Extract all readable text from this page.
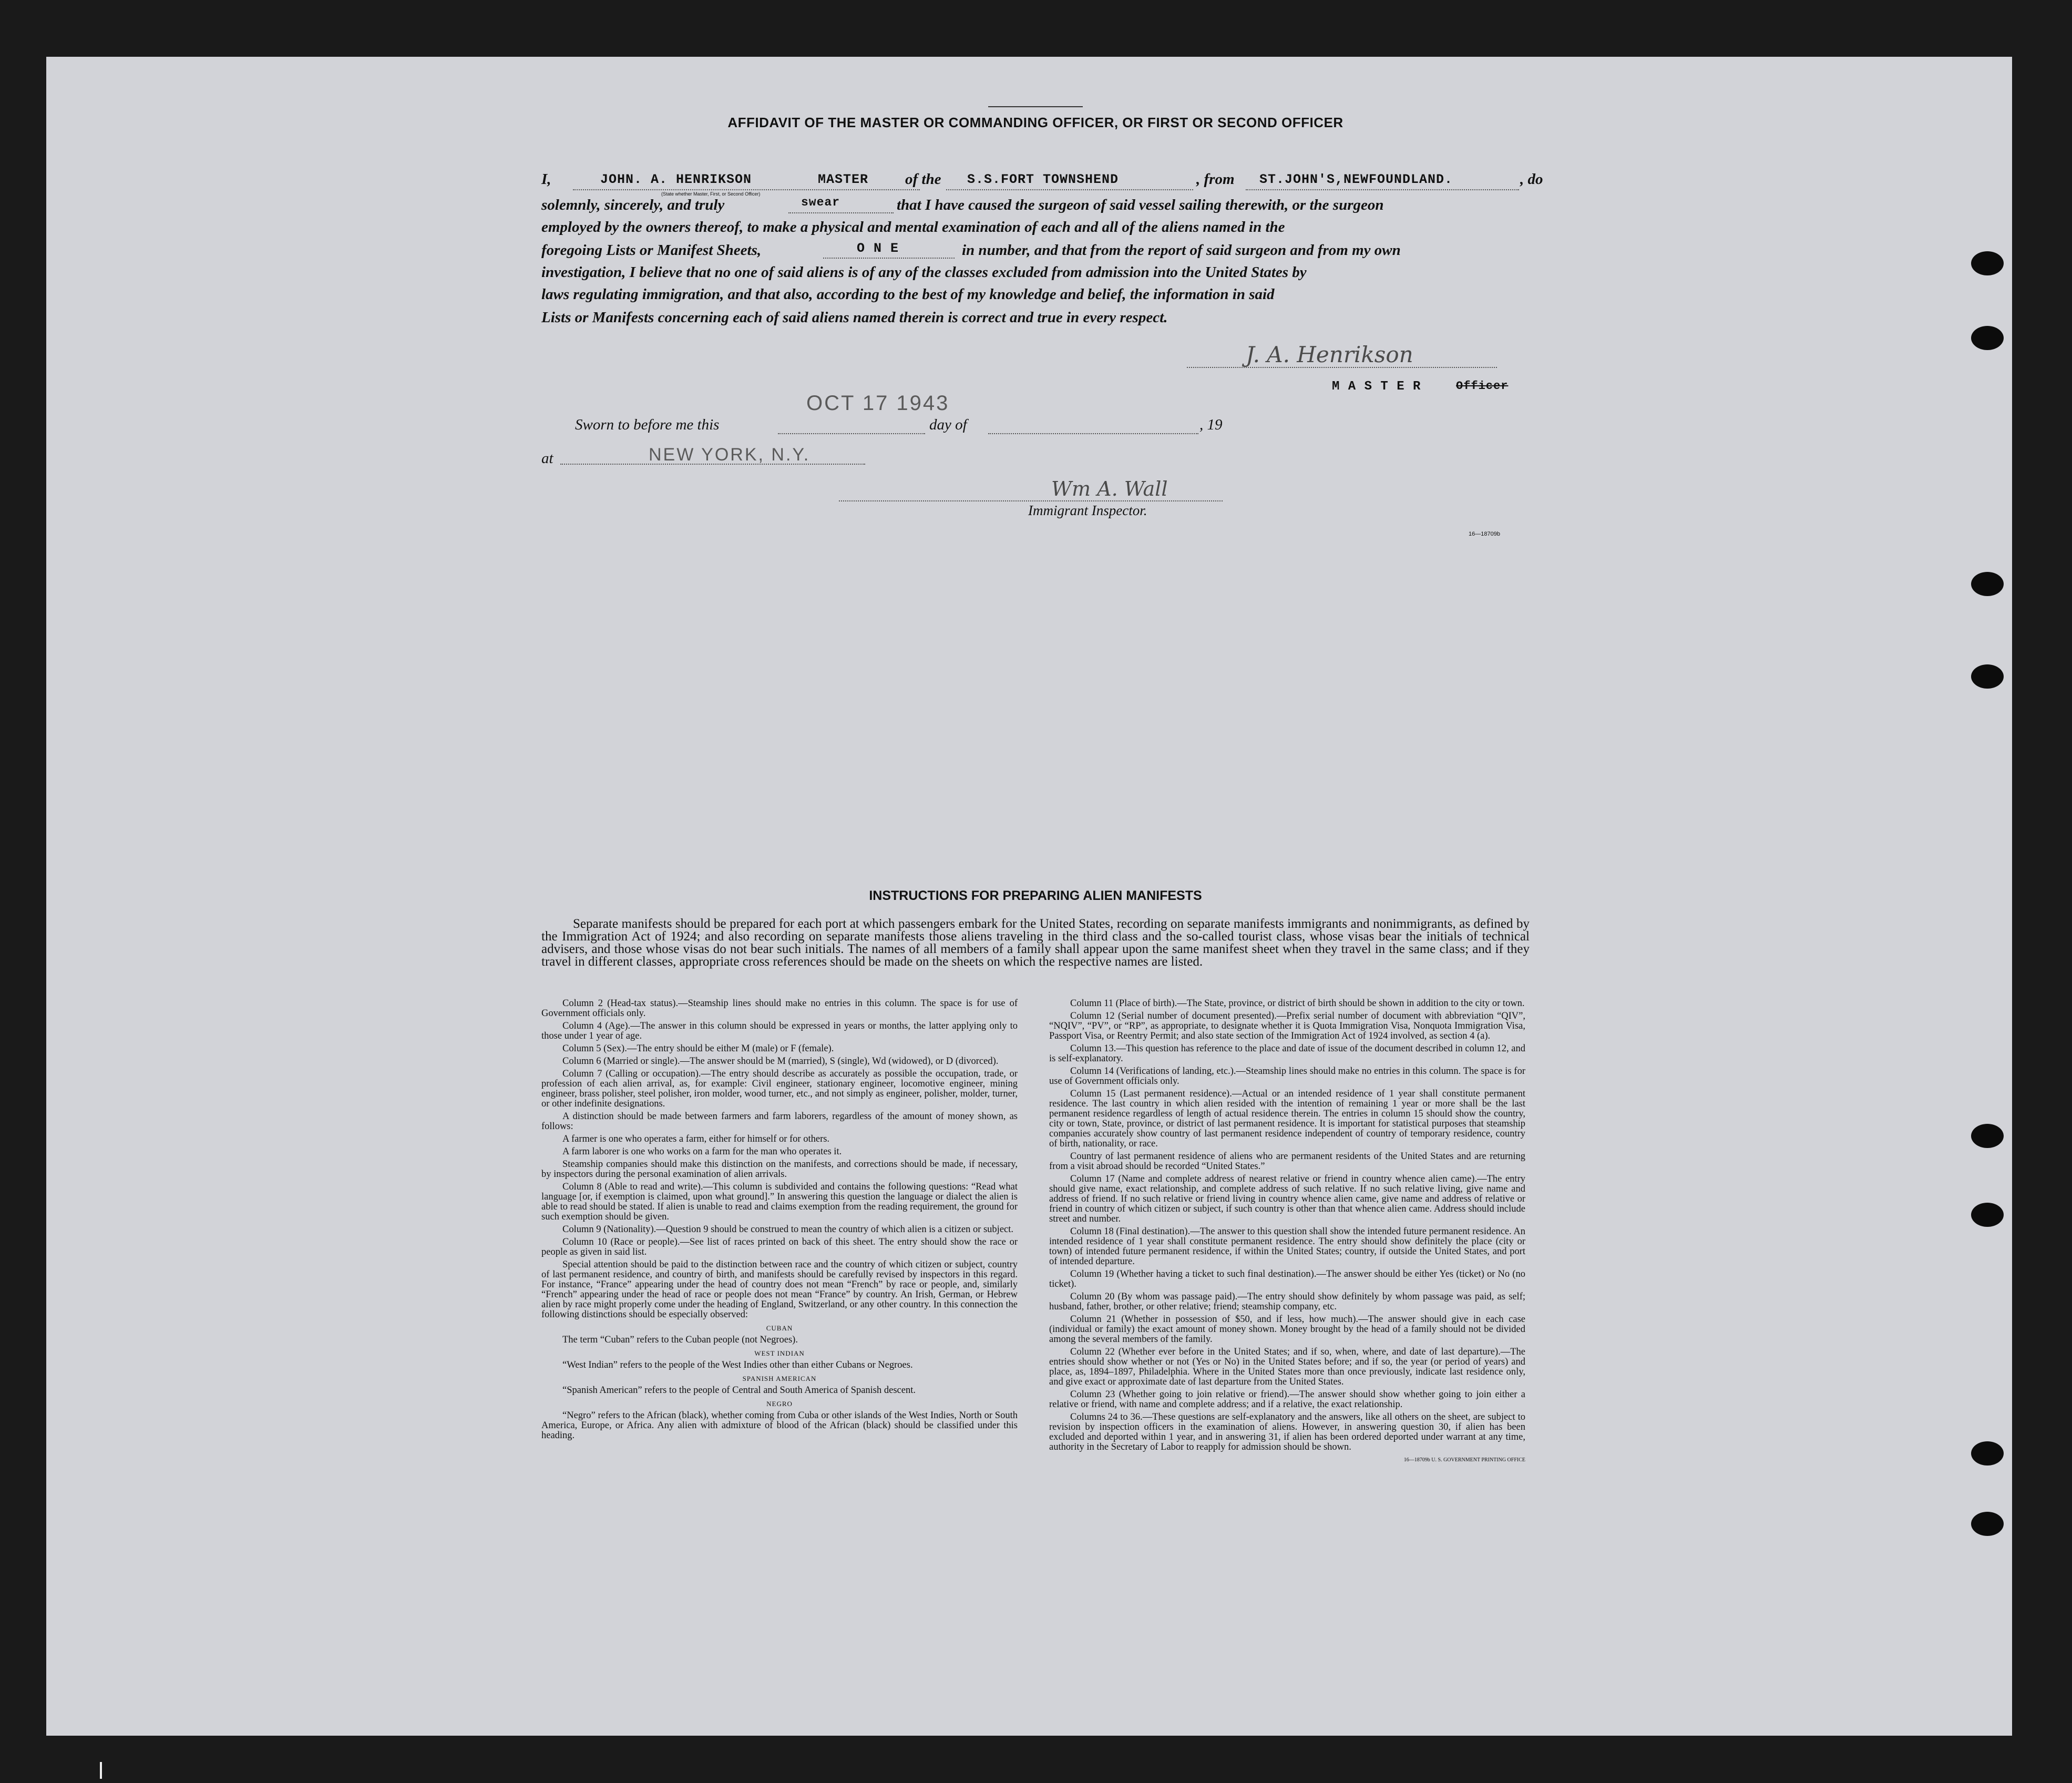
AFFIDAVIT OF THE MASTER OR COMMANDING OFFICER, OR FIRST OR SECOND OFFICER
I,	JOHN. A. HENRIKSON	MASTER
(State whether Master, First, or Second Officer)
of the S.S.FORT TOWNSHEND	, from ST.JOHN'S,NEWFOUNDLAND.	, do
solemnly, sincerely, and truly	swear	that I have caused the surgeon of said vessel sailing therewith, or the surgeon
employed by the owners thereof, to make a physical and mental examination of each and all of the aliens named in the
foregoing Lists or Manifest Sheets,	O N E	in number, and that from the report of said surgeon and from my own
investigation, I believe that no one of said aliens is of any of the classes excluded from admission into the United States by
laws regulating immigration, and that also, according to the best of my knowledge and belief, the information in said
Lists or Manifests concerning each of said aliens named therein is correct and true in every respect.
J. A. Henrikson
M A S T E R	Officer
Sworn to before me this
OCT 17 1943
day of	, 19
at	NEW YORK, N.Y.
Wm A. Wall
Immigrant Inspector.
16—18709b
INSTRUCTIONS FOR PREPARING ALIEN MANIFESTS
Separate manifests should be prepared for each port at which passengers embark for the United States, recording on separate manifests immigrants and nonimmigrants, as defined by the Immigration Act of 1924; and also recording on separate manifests those aliens traveling in the third class and the so-called tourist class, whose visas bear the initials of technical advisers, and those whose visas do not bear such initials. The names of all members of a family shall appear upon the same manifest sheet when they travel in the same class; and if they travel in different classes, appropriate cross references should be made on the sheets on which the respective names are listed.

Column 2 (Head-tax status).—Steamship lines should make no entries in this column. The space is for use of Government officials only.

Column 4 (Age).—The answer in this column should be expressed in years or months, the latter applying only to those under 1 year of age.

Column 5 (Sex).—The entry should be either M (male) or F (female).

Column 6 (Married or single).—The answer should be M (married), S (single), Wd (widowed), or D (divorced).

Column 7 (Calling or occupation).—The entry should describe as accurately as possible the occupation, trade, or profession of each alien arrival, as, for example: Civil engineer, stationary engineer, locomotive engineer, mining engineer, brass polisher, steel polisher, iron molder, wood turner, etc., and not simply as engineer, polisher, molder, turner, or other indefinite designations.

A distinction should be made between farmers and farm laborers, regardless of the amount of money shown, as follows:

A farmer is one who operates a farm, either for himself or for others.

A farm laborer is one who works on a farm for the man who operates it.

Steamship companies should make this distinction on the manifests, and corrections should be made, if necessary, by inspectors during the personal examination of alien arrivals.

Column 8 (Able to read and write).—This column is subdivided and contains the following questions: “Read what language [or, if exemption is claimed, upon what ground].” In answering this question the language or dialect the alien is able to read should be stated. If alien is unable to read and claims exemption from the reading requirement, the ground for such exemption should be given.

Column 9 (Nationality).—Question 9 should be construed to mean the country of which alien is a citizen or subject.

Column 10 (Race or people).—See list of races printed on back of this sheet. The entry should show the race or people as given in said list.

Special attention should be paid to the distinction between race and the country of which citizen or subject, country of last permanent residence, and country of birth, and manifests should be carefully revised by inspectors in this regard. For instance, “France” appearing under the head of country does not mean “French” by race or people, and, similarly “French” appearing under the head of race or people does not mean “France” by country. An Irish, German, or Hebrew alien by race might properly come under the heading of England, Switzerland, or any other country. In this connection the following distinctions should be especially observed:

CUBAN

The term “Cuban” refers to the Cuban people (not Negroes).

WEST INDIAN

“West Indian” refers to the people of the West Indies other than either Cubans or Negroes.

SPANISH AMERICAN

“Spanish American” refers to the people of Central and South America of Spanish descent.

NEGRO

“Negro” refers to the African (black), whether coming from Cuba or other islands of the West Indies, North or South America, Europe, or Africa. Any alien with admixture of blood of the African (black) should be classified under this heading.

Column 11 (Place of birth).—The State, province, or district of birth should be shown in addition to the city or town.

Column 12 (Serial number of document presented).—Prefix serial number of document with abbreviation “QIV”, “NQIV”, “PV”, or “RP”, as appropriate, to designate whether it is Quota Immigration Visa, Nonquota Immigration Visa, Passport Visa, or Reentry Permit; and also state section of the Immigration Act of 1924 involved, as section 4 (a).

Column 13.—This question has reference to the place and date of issue of the document described in column 12, and is self-explanatory.

Column 14 (Verifications of landing, etc.).—Steamship lines should make no entries in this column. The space is for use of Government officials only.

Column 15 (Last permanent residence).—Actual or an intended residence of 1 year shall constitute permanent residence. The last country in which alien resided with the intention of remaining 1 year or more shall be the last permanent residence regardless of length of actual residence therein. The entries in column 15 should show the country, city or town, State, province, or district of last permanent residence. It is important for statistical purposes that steamship companies accurately show country of last permanent residence independent of country of temporary residence, country of birth, nationality, or race.

Country of last permanent residence of aliens who are permanent residents of the United States and are returning from a visit abroad should be recorded “United States.”

Column 17 (Name and complete address of nearest relative or friend in country whence alien came).—The entry should give name, exact relationship, and complete address of such relative. If no such relative living, give name and address of friend. If no such relative or friend living in country whence alien came, give name and address of relative or friend in country of which citizen or subject, if such country is other than that whence alien came. Address should include street and number.

Column 18 (Final destination).—The answer to this question shall show the intended future permanent residence. An intended residence of 1 year shall constitute permanent residence. The entry should show definitely the place (city or town) of intended future permanent residence, if within the United States; country, if outside the United States, and port of intended departure.

Column 19 (Whether having a ticket to such final destination).—The answer should be either Yes (ticket) or No (no ticket).

Column 20 (By whom was passage paid).—The entry should show definitely by whom passage was paid, as self; husband, father, brother, or other relative; friend; steamship company, etc.

Column 21 (Whether in possession of $50, and if less, how much).—The answer should give in each case (individual or family) the exact amount of money shown. Money brought by the head of a family should not be divided among the several members of the family.

Column 22 (Whether ever before in the United States; and if so, when, where, and date of last departure).—The entries should show whether or not (Yes or No) in the United States before; and if so, the year (or period of years) and place, as, 1894–1897, Philadelphia. Where in the United States more than once previously, indicate last residence only, and give exact or approximate date of last departure from the United States.

Column 23 (Whether going to join relative or friend).—The answer should show whether going to join either a relative or friend, with name and complete address; and if a relative, the exact relationship.

Columns 24 to 36.—These questions are self-explanatory and the answers, like all others on the sheet, are subject to revision by inspection officers in the examination of aliens. However, in answering question 30, if alien has been excluded and deported within 1 year, and in answering 31, if alien has been ordered deported under warrant at any time, authority in the Secretary of Labor to reapply for admission should be shown.

16—18709b U. S. GOVERNMENT PRINTING OFFICE
